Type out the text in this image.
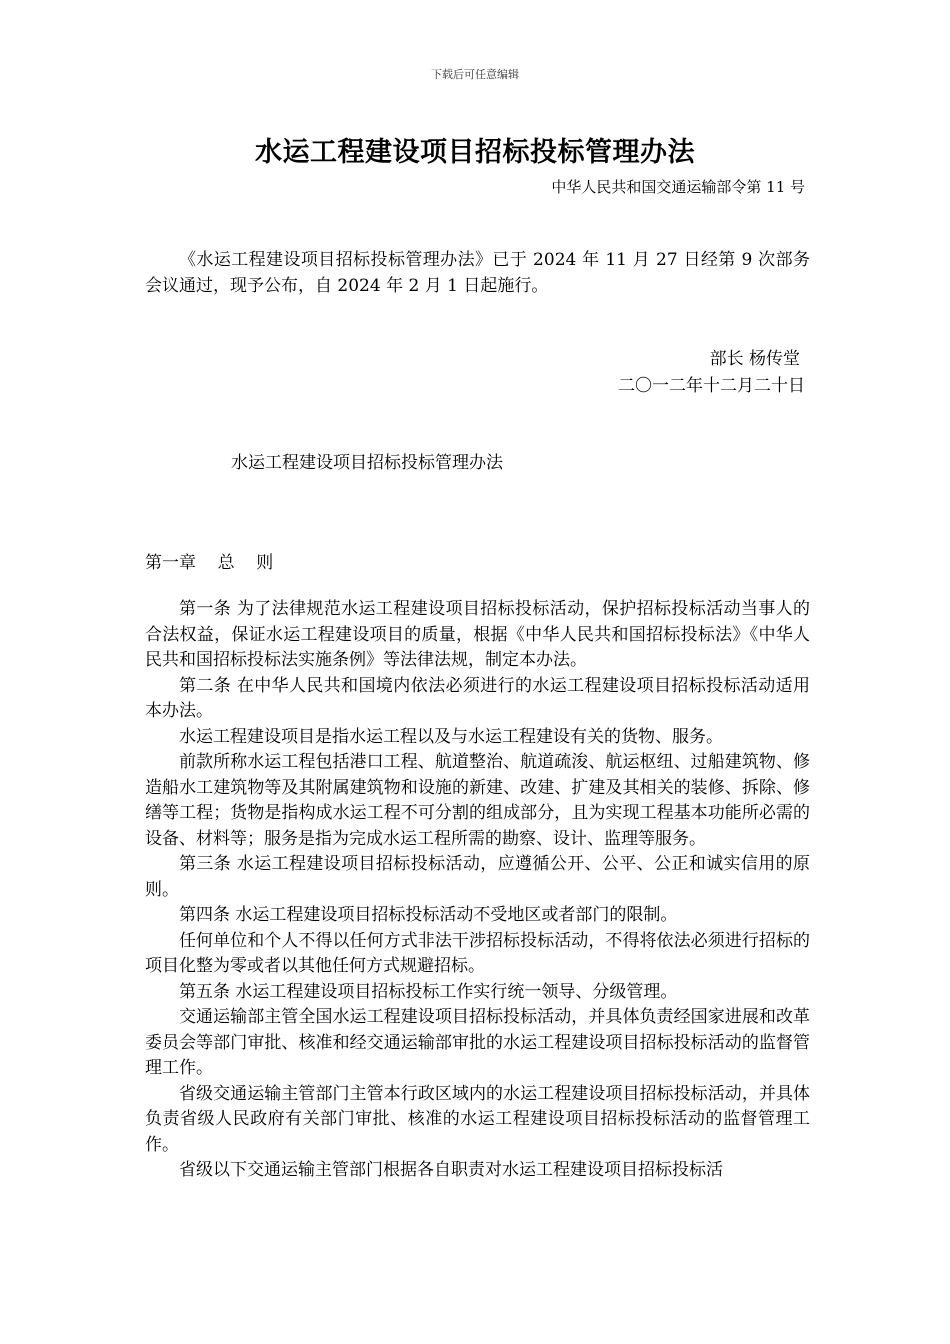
下载后可任意编辑
水运工程建设项目招标投标管理办法
中华人民共和国交通运输部令第 11 号

《水运工程建设项目招标投标管理办法》已于 2024 年 11 月 27 日经第 9 次部务会议通过，现予公布，自 2024 年 2 月 1 日起施行。

部长 杨传堂
二〇一二年十二月二十日
水运工程建设项目招标投标管理办法
第一章    总    则

第一条 为了法律规范水运工程建设项目招标投标活动，保护招标投标活动当事人的合法权益，保证水运工程建设项目的质量，根据《中华人民共和国招标投标法》《中华人民共和国招标投标法实施条例》等法律法规，制定本办法。

第二条 在中华人民共和国境内依法必须进行的水运工程建设项目招标投标活动适用本办法。

水运工程建设项目是指水运工程以及与水运工程建设有关的货物、服务。

前款所称水运工程包括港口工程、航道整治、航道疏浚、航运枢纽、过船建筑物、修造船水工建筑物等及其附属建筑物和设施的新建、改建、扩建及其相关的装修、拆除、修缮等工程；货物是指构成水运工程不可分割的组成部分，且为实现工程基本功能所必需的设备、材料等；服务是指为完成水运工程所需的勘察、设计、监理等服务。

第三条 水运工程建设项目招标投标活动，应遵循公开、公平、公正和诚实信用的原则。

第四条 水运工程建设项目招标投标活动不受地区或者部门的限制。

任何单位和个人不得以任何方式非法干涉招标投标活动，不得将依法必须进行招标的项目化整为零或者以其他任何方式规避招标。

第五条 水运工程建设项目招标投标工作实行统一领导、分级管理。

交通运输部主管全国水运工程建设项目招标投标活动，并具体负责经国家进展和改革委员会等部门审批、核准和经交通运输部审批的水运工程建设项目招标投标活动的监督管理工作。

省级交通运输主管部门主管本行政区域内的水运工程建设项目招标投标活动，并具体负责省级人民政府有关部门审批、核准的水运工程建设项目招标投标活动的监督管理工作。

省级以下交通运输主管部门根据各自职责对水运工程建设项目招标投标活
